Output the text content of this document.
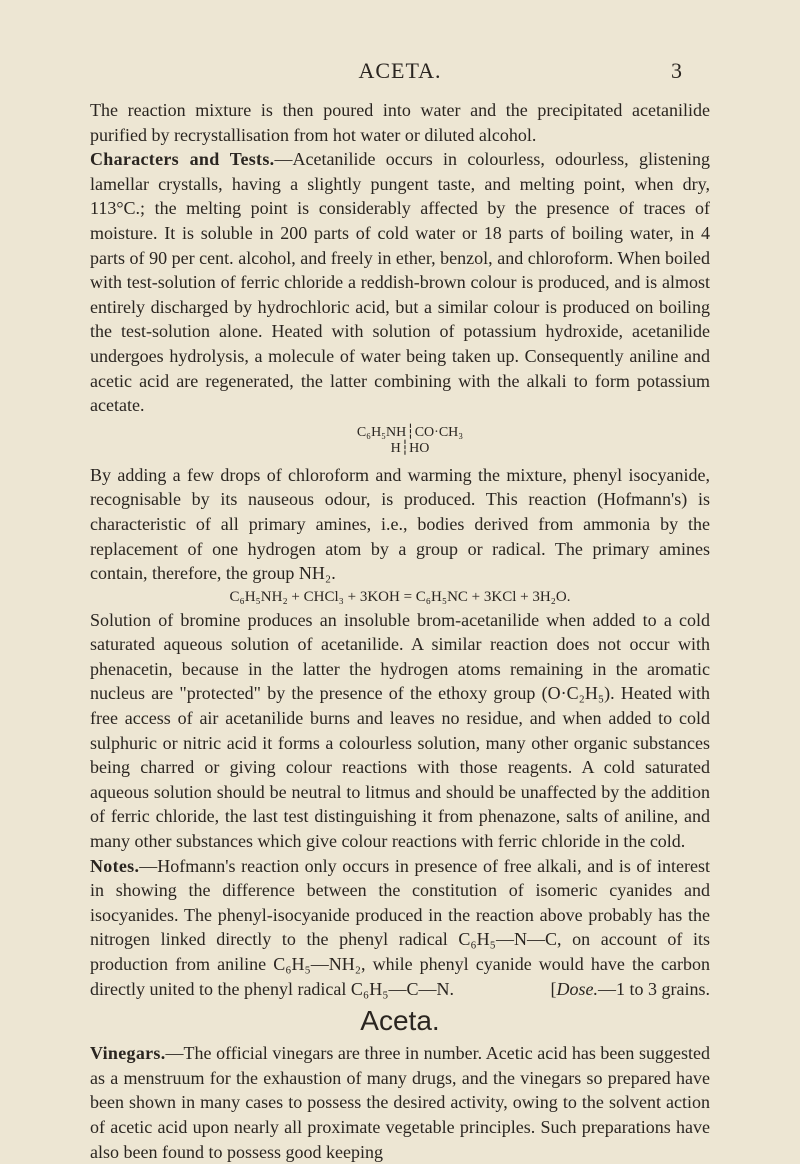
ACETA.	3

The reaction mixture is then poured into water and the precipitated acetanilide purified by recrystallisation from hot water or diluted alcohol.

Characters and Tests.—Acetanilide occurs in colourless, odourless, glistening lamellar crystalls, having a slightly pungent taste, and melting point, when dry, 113°C.; the melting point is considerably affected by the presence of traces of moisture. It is soluble in 200 parts of cold water or 18 parts of boiling water, in 4 parts of 90 per cent. alcohol, and freely in ether, benzol, and chloroform. When boiled with test-solution of ferric chloride a reddish-brown colour is produced, and is almost entirely discharged by hydrochloric acid, but a similar colour is produced on boiling the test-solution alone. Heated with solution of potassium hydroxide, acetanilide undergoes hydrolysis, a molecule of water being taken up. Consequently aniline and acetic acid are regenerated, the latter combining with the alkali to form potassium acetate.

C₆H₅NH┆CO·CH₃
H┆HO

By adding a few drops of chloroform and warming the mixture, phenyl isocyanide, recognisable by its nauseous odour, is produced. This reaction (Hofmann's) is characteristic of all primary amines, i.e., bodies derived from ammonia by the replacement of one hydrogen atom by a group or radical. The primary amines contain, therefore, the group NH₂.

C₆H₅NH₂ + CHCl₃ + 3KOH = C₆H₅NC + 3KCl + 3H₂O.

Solution of bromine produces an insoluble brom-acetanilide when added to a cold saturated aqueous solution of acetanilide. A similar reaction does not occur with phenacetin, because in the latter the hydrogen atoms remaining in the aromatic nucleus are "protected" by the presence of the ethoxy group (O·C₂H₅). Heated with free access of air acetanilide burns and leaves no residue, and when added to cold sulphuric or nitric acid it forms a colourless solution, many other organic substances being charred or giving colour reactions with those reagents. A cold saturated aqueous solution should be neutral to litmus and should be unaffected by the addition of ferric chloride, the last test distinguishing it from phenazone, salts of aniline, and many other substances which give colour reactions with ferric chloride in the cold.

Notes.—Hofmann's reaction only occurs in presence of free alkali, and is of interest in showing the difference between the constitution of isomeric cyanides and isocyanides. The phenyl-isocyanide produced in the reaction above probably has the nitrogen linked directly to the phenyl radical C₆H₅—N—C, on account of its production from aniline C₆H₅—NH₂, while phenyl cyanide would have the carbon directly united to the phenyl radical C₆H₅—C—N.	[Dose.—1 to 3 grains.

Aceta.

Vinegars.—The official vinegars are three in number. Acetic acid has been suggested as a menstruum for the exhaustion of many drugs, and the vinegars so prepared have been shown in many cases to possess the desired activity, owing to the solvent action of acetic acid upon nearly all proximate vegetable principles. Such preparations have also been found to possess good keeping
